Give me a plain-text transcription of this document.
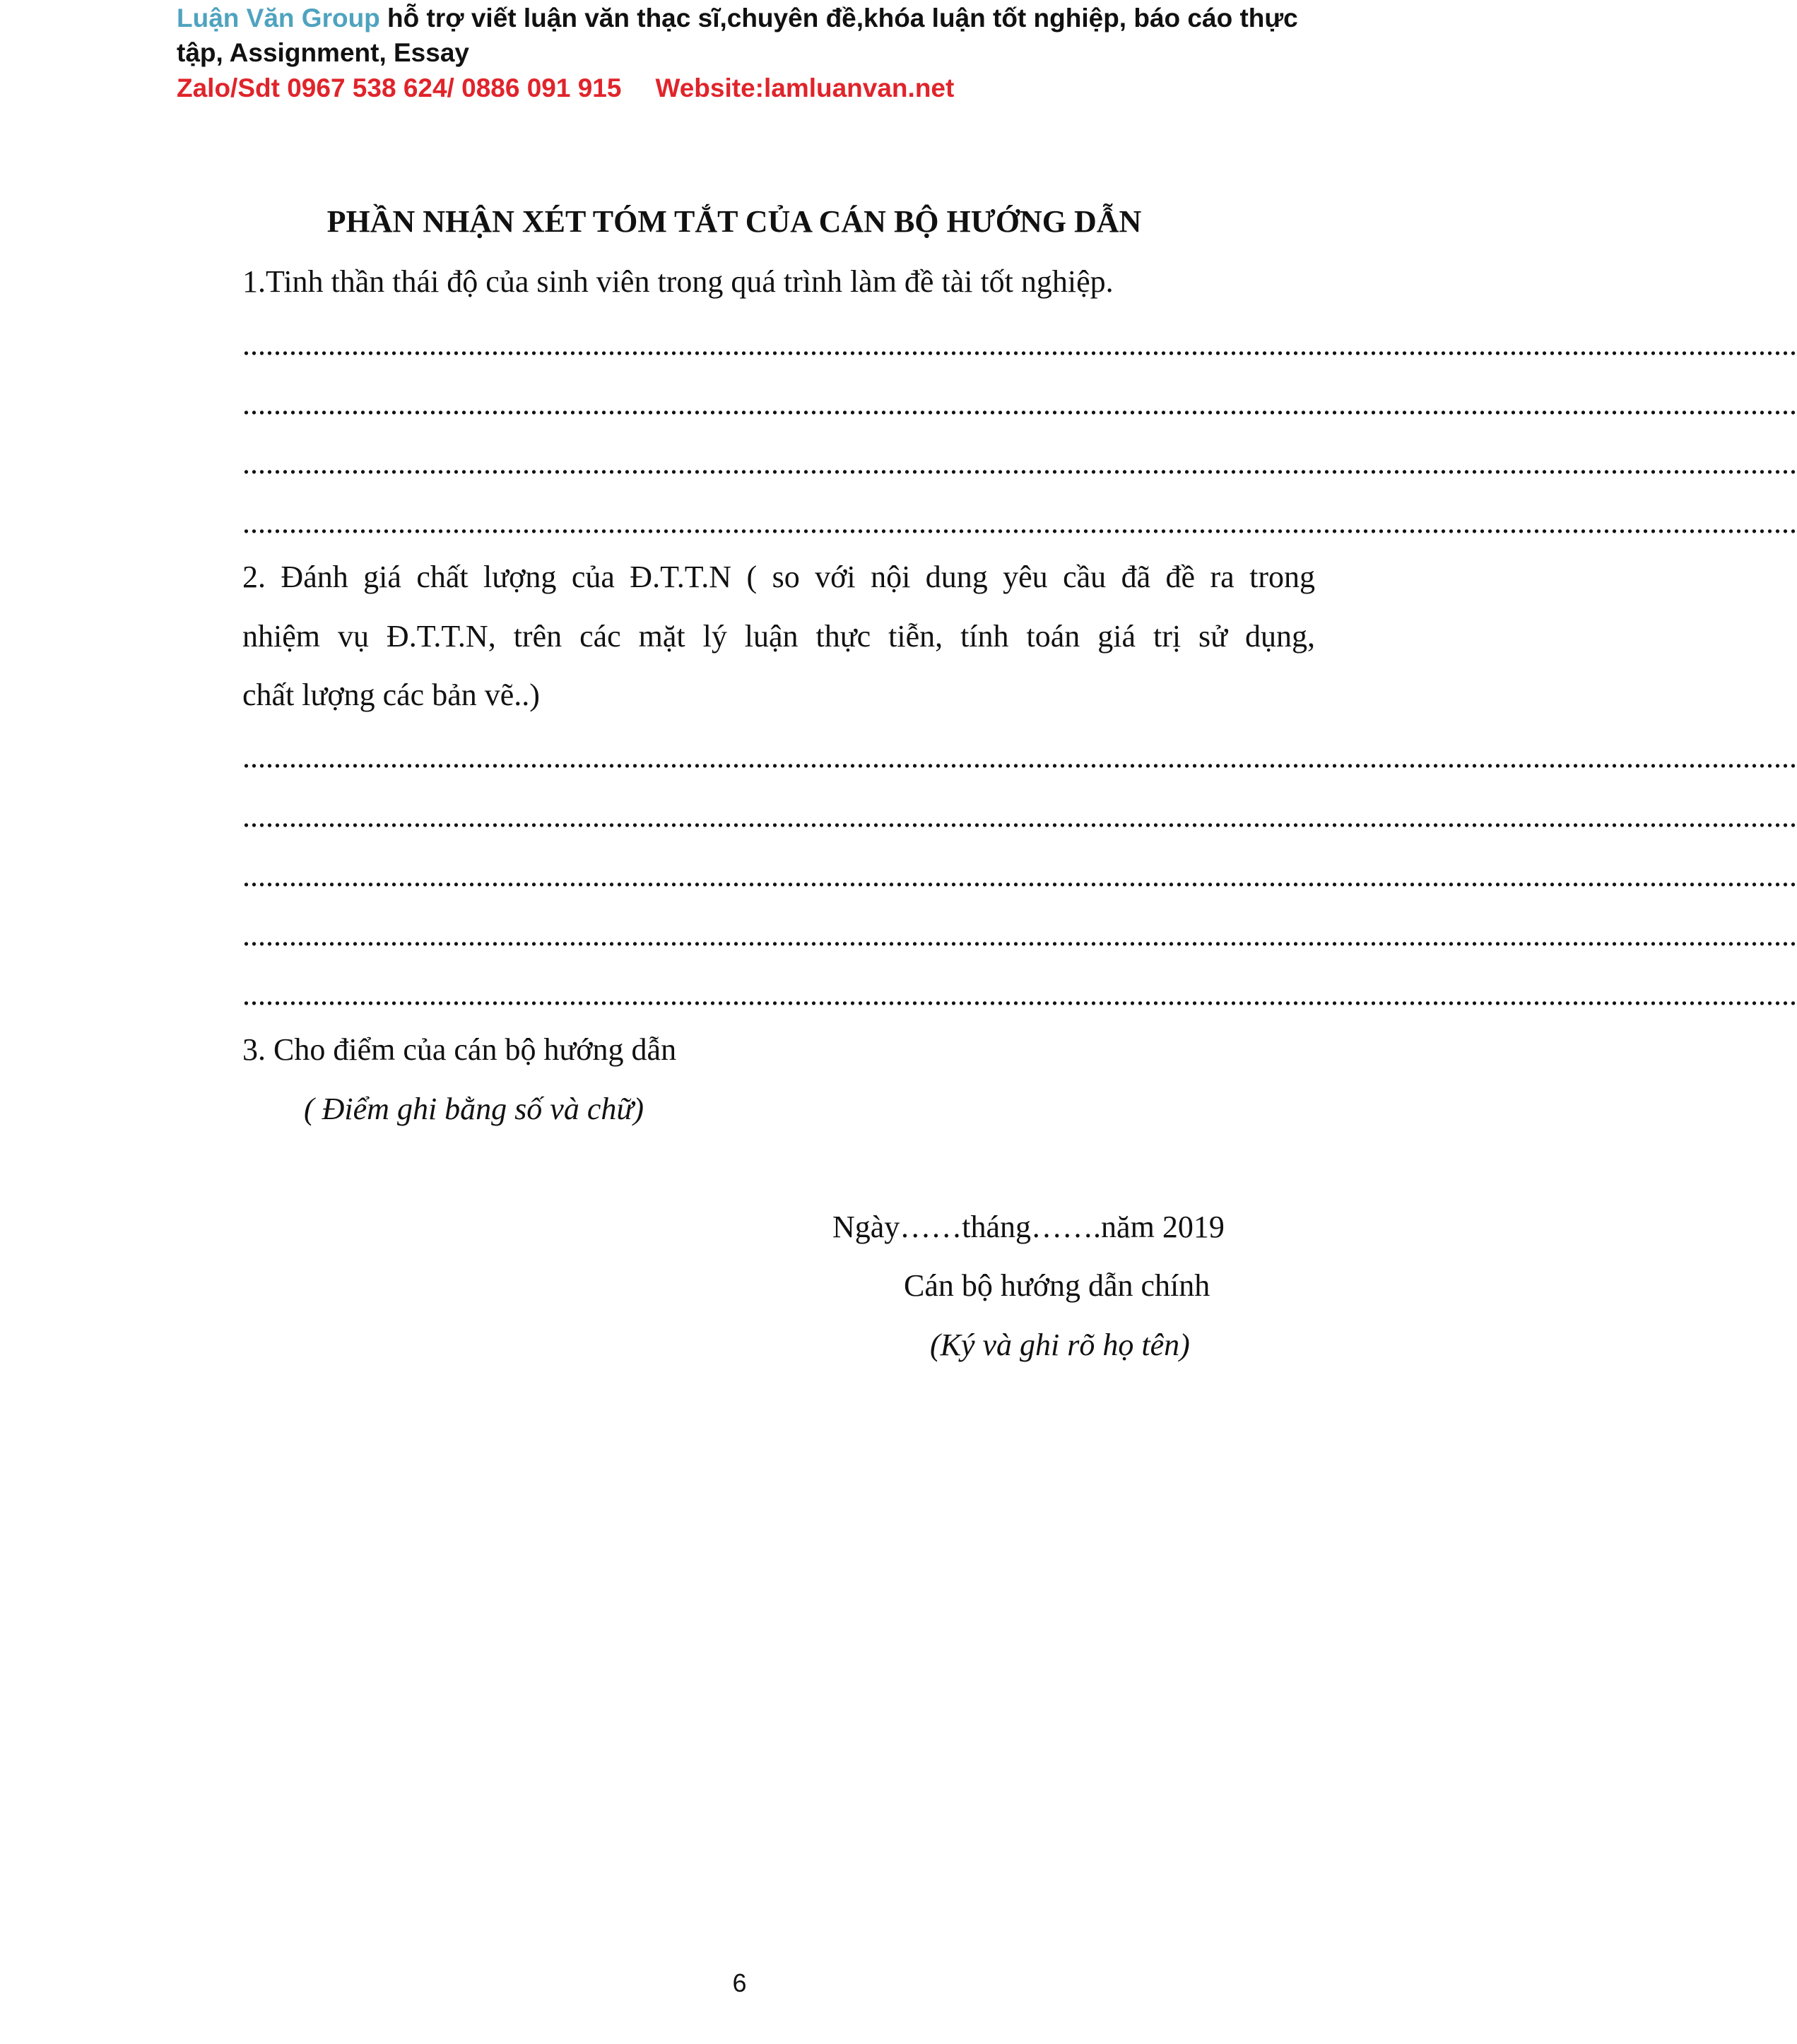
Luận Văn Group hỗ trợ viết luận văn thạc sĩ,chuyên đề,khóa luận tốt nghiệp, báo cáo thực
tập, Assignment, Essay
Zalo/Sdt 0967 538 624/ 0886 091 915 Website:lamluanvan.net
PHẦN NHẬN XÉT TÓM TẮT CỦA CÁN BỘ HƯỚNG DẪN
1.Tinh thần thái độ của sinh viên trong quá trình làm đề tài tốt nghiệp.
........................................................................................................................................................................................................
........................................................................................................................................................................................................
........................................................................................................................................................................................................
........................................................................................................................................................................................................
2. Đánh giá chất lượng của Đ.T.T.N ( so với nội dung yêu cầu đã đề ra trong
nhiệm vụ Đ.T.T.N, trên các mặt lý luận thực tiễn, tính toán giá trị sử dụng,
chất lượng các bản vẽ..)
........................................................................................................................................................................................................
........................................................................................................................................................................................................
........................................................................................................................................................................................................
........................................................................................................................................................................................................
........................................................................................................................................................................................................
3. Cho điểm của cán bộ hướng dẫn
( Điểm ghi bằng số và chữ)
Ngày……tháng…….năm 2019
Cán bộ hướng dẫn chính
(Ký và ghi rõ họ tên)
6
